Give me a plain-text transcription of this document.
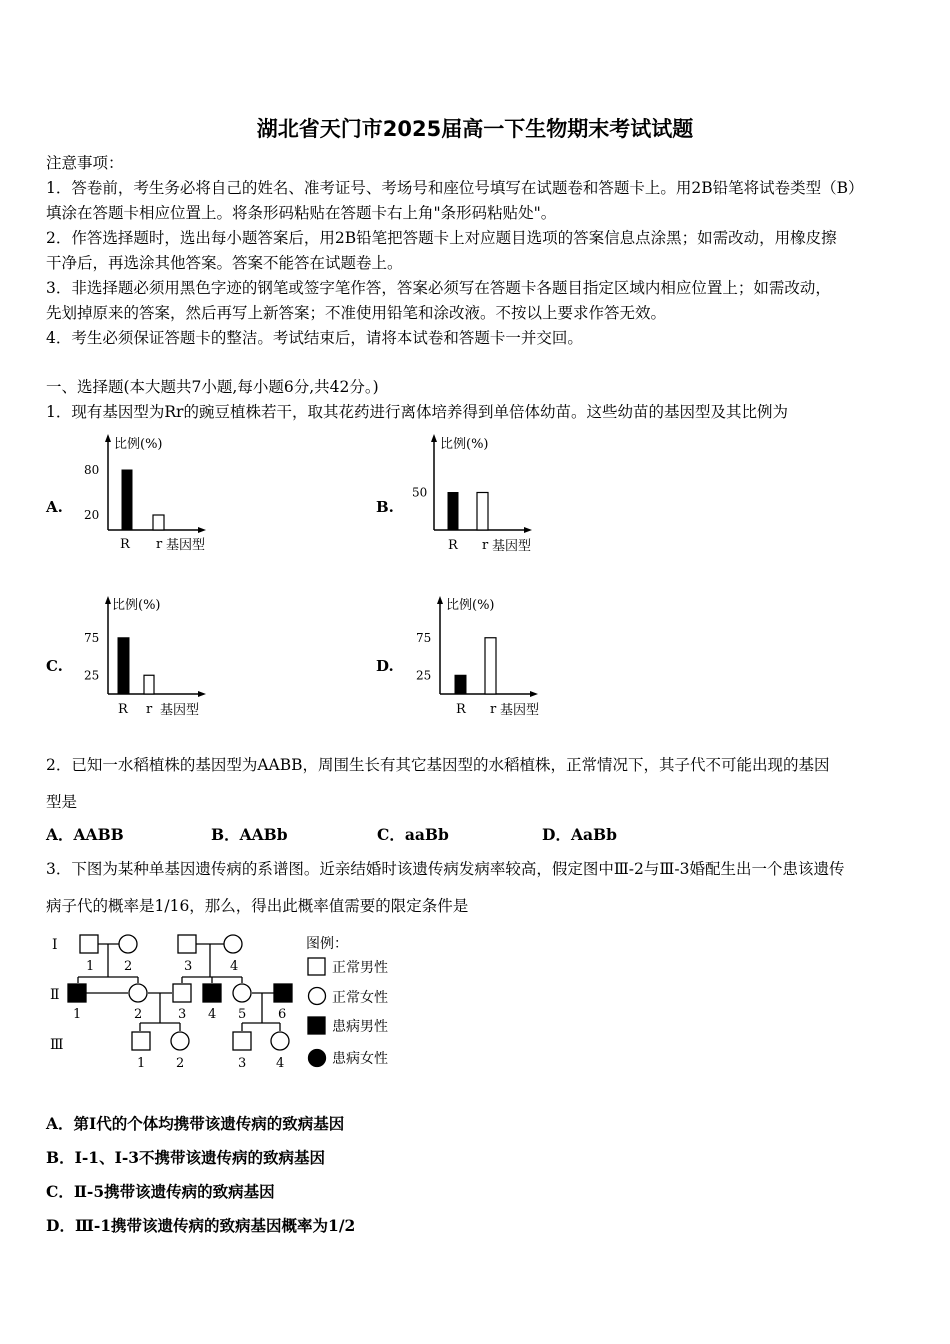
湖北省天门市2025届高一下生物期末考试试题
注意事项：
1．答卷前，考生务必将自己的姓名、准考证号、考场号和座位号填写在试题卷和答题卡上。用2B铅笔将试卷类型（B）
填涂在答题卡相应位置上。将条形码粘贴在答题卡右上角"条形码粘贴处"。
2．作答选择题时，选出每小题答案后，用2B铅笔把答题卡上对应题目选项的答案信息点涂黑；如需改动，用橡皮擦
干净后，再选涂其他答案。答案不能答在试题卷上。
3．非选择题必须用黑色字迹的钢笔或签字笔作答，答案必须写在答题卡各题目指定区域内相应位置上；如需改动，
先划掉原来的答案，然后再写上新答案；不准使用铅笔和涂改液。不按以上要求作答无效。
4．考生必须保证答题卡的整洁。考试结束后，请将本试卷和答题卡一并交回。
一、选择题(本大题共7小题,每小题6分,共42分。)
1．现有基因型为Rr的豌豆植株若干，取其花药进行离体培养得到单倍体幼苗。这些幼苗的基因型及其比例为
A.	B.
C.	D.
比例(%)
80
20
R r 基因型
比例(%)
50
R r 基因型
比例(%)
75
25
R r 基因型
比例(%)
75
25
R r 基因型
2．已知一水稻植株的基因型为AABB，周围生长有其它基因型的水稻植株，正常情况下，其子代不可能出现的基因
型是
A．AABB	B．AABb	C．aaBb	D．AaBb
3．下图为某种单基因遗传病的系谱图。近亲结婚时该遗传病发病率较高，假定图中Ⅲ-2与Ⅲ-3婚配生出一个患该遗传
病子代的概率是1/16，那么，得出此概率值需要的限定条件是
Ⅰ
Ⅱ
Ⅲ
1 2	3	4
1	2	3 4 5 6
1 2	3 4
图例：
正常男性
正常女性
患病男性
患病女性
A．第Ⅰ代的个体均携带该遗传病的致病基因
B．Ⅰ-1、Ⅰ-3不携带该遗传病的致病基因
C．Ⅱ-5携带该遗传病的致病基因
D．Ⅲ-1携带该遗传病的致病基因概率为1/2
